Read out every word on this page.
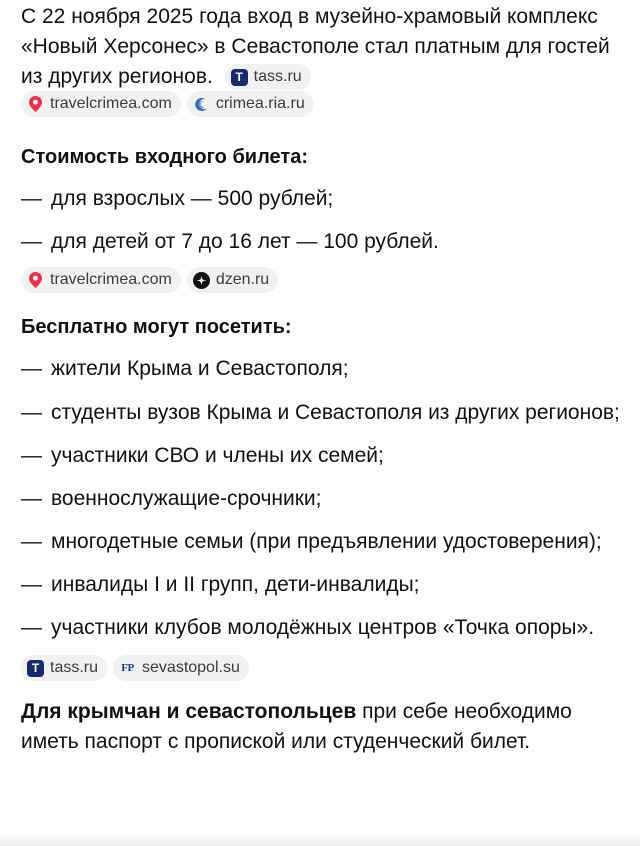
С 22 ноября 2025 года вход в музейно-храмовый комплекс «Новый Херсонес» в Севастополе стал платным для гостей из других регионов.	T tass.ru
travelcrimea.com	crimea.ria.ru
Стоимость входного билета:
— для взрослых — 500 рублей;
— для детей от 7 до 16 лет — 100 рублей.
travelcrimea.com	dzen.ru
Бесплатно могут посетить:
— жители Крыма и Севастополя;
— студенты вузов Крыма и Севастополя из других регионов;
— участники СВО и члены их семей;
— военнослужащие-срочники;
— многодетные семьи (при предъявлении удостоверения);
— инвалиды I и II групп, дети-инвалиды;
— участники клубов молодёжных центров «Точка опоры».
T tass.ru FP sevastopol.su
Для крымчан и севастопольцев при себе необходимо иметь паспорт с пропиской или студенческий билет.
